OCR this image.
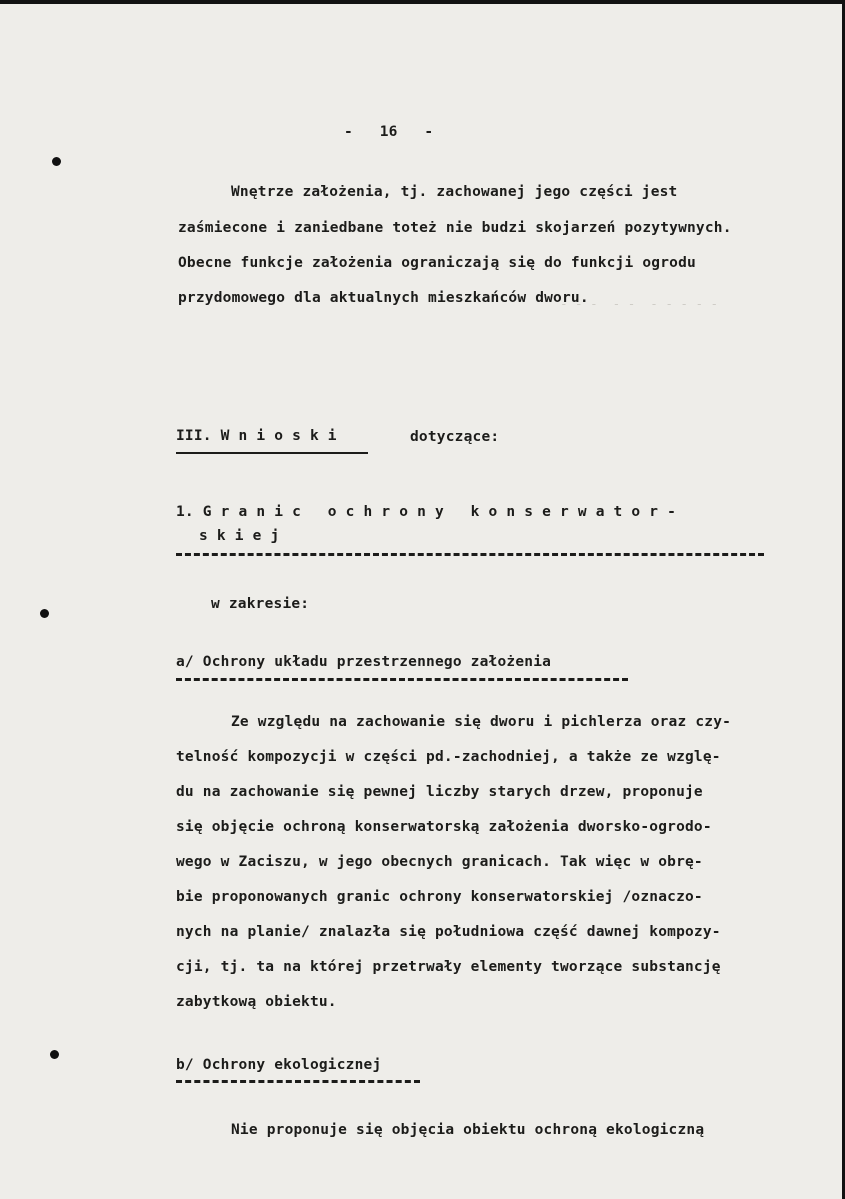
- - -  - -  - - - - -
-   16   -
Wnętrze założenia, tj. zachowanej jego części jest
zaśmiecone i zaniedbane toteż nie budzi skojarzeń pozytywnych.
Obecne funkcje założenia ograniczają się do funkcji ogrodu
przydomowego dla aktualnych mieszkańców dworu.
III. W n i o s k i	dotyczące:
1. G r a n i c   o c h r o n y   k o n s e r w a t o r -
s k i e j
w zakresie:
a/ Ochrony układu przestrzennego założenia
Ze względu na zachowanie się dworu i pichlerza oraz czy-
telność kompozycji w części pd.-zachodniej, a także ze wzglę-
du na zachowanie się pewnej liczby starych drzew, proponuje
się objęcie ochroną konserwatorską założenia dworsko-ogrodo-
wego w Zaciszu, w jego obecnych granicach. Tak więc w obrę-
bie proponowanych granic ochrony konserwatorskiej /oznaczo-
nych na planie/ znalazła się południowa część dawnej kompozy-
cji, tj. ta na której przetrwały elementy tworzące substancję
zabytkową obiektu.
b/ Ochrony ekologicznej
Nie proponuje się objęcia obiektu ochroną ekologiczną
